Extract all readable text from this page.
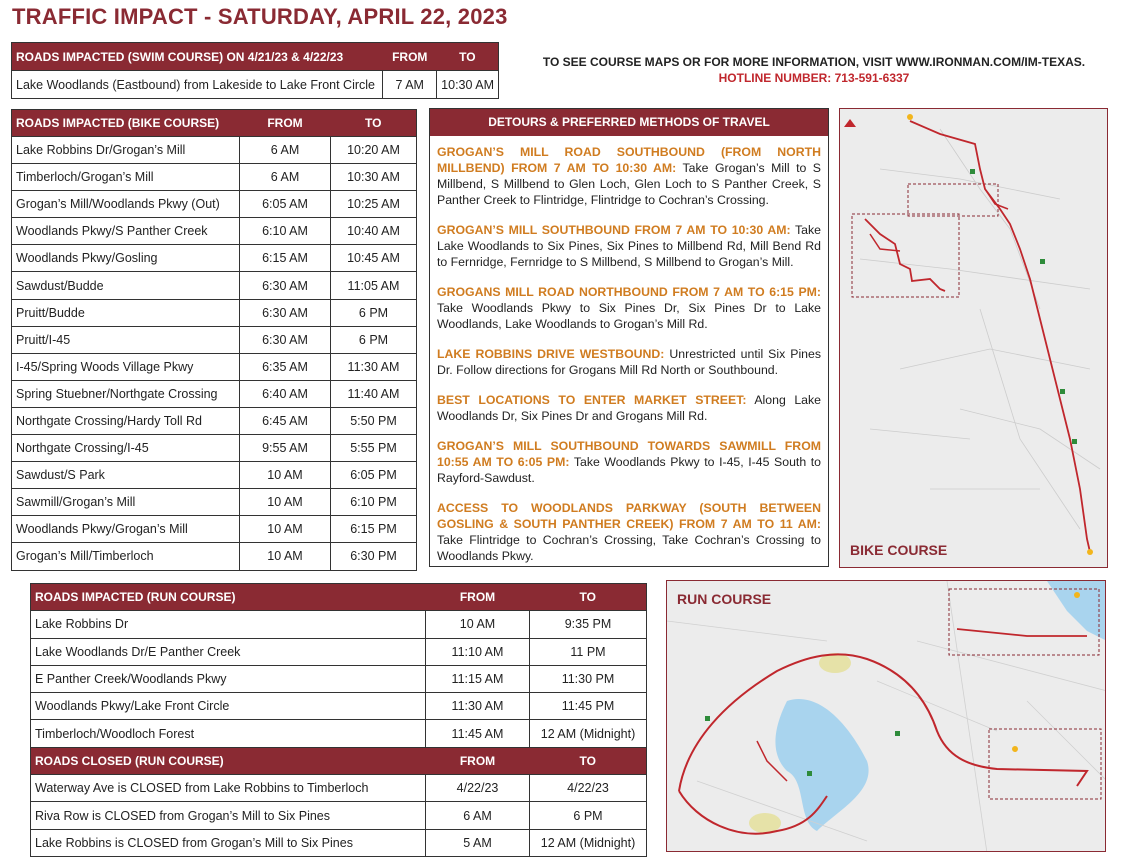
TRAFFIC IMPACT - SATURDAY, APRIL 22, 2023
ROADS IMPACTED (SWIM COURSE) ON 4/21/23 & 4/22/23	FROM	TO
Lake Woodlands (Eastbound) from Lakeside to Lake Front Circle	7 AM	10:30 AM
TO SEE COURSE MAPS OR FOR MORE INFORMATION, VISIT WWW.IRONMAN.COM/IM-TEXAS.
HOTLINE NUMBER: 713-591-6337
ROADS IMPACTED (BIKE COURSE)	FROM	TO
Lake Robbins Dr/Grogan’s Mill	6 AM	10:20 AM
Timberloch/Grogan’s Mill	6 AM	10:30 AM
Grogan’s Mill/Woodlands Pkwy (Out)	6:05 AM	10:25 AM
Woodlands Pkwy/S Panther Creek	6:10 AM	10:40 AM
Woodlands Pkwy/Gosling	6:15 AM	10:45 AM
Sawdust/Budde	6:30 AM	11:05 AM
Pruitt/Budde	6:30 AM	6 PM
Pruitt/I-45	6:30 AM	6 PM
I-45/Spring Woods Village Pkwy	6:35 AM	11:30 AM
Spring Stuebner/Northgate Crossing	6:40 AM	11:40 AM
Northgate Crossing/Hardy Toll Rd	6:45 AM	5:50 PM
Northgate Crossing/I-45	9:55 AM	5:55 PM
Sawdust/S Park	10 AM	6:05 PM
Sawmill/Grogan’s Mill	10 AM	6:10 PM
Woodlands Pkwy/Grogan’s Mill	10 AM	6:15 PM
Grogan’s Mill/Timberloch	10 AM	6:30 PM
DETOURS & PREFERRED METHODS OF TRAVEL

GROGAN’S MILL ROAD SOUTHBOUND (FROM NORTH MILLBEND) FROM 7 AM TO 10:30 AM: Take Grogan’s Mill to S Millbend, S Millbend to Glen Loch, Glen Loch to S Panther Creek, S Panther Creek to Flintridge, Flintridge to Cochran’s Crossing.

GROGAN’S MILL SOUTHBOUND FROM 7 AM TO 10:30 AM: Take Lake Woodlands to Six Pines, Six Pines to Millbend Rd, Mill Bend Rd to Fernridge, Fernridge to S Millbend, S Millbend to Grogan’s Mill.

GROGANS MILL ROAD NORTHBOUND FROM 7 AM TO 6:15 PM: Take Woodlands Pkwy to Six Pines Dr, Six Pines Dr to Lake Woodlands, Lake Woodlands to Grogan’s Mill Rd.

LAKE ROBBINS DRIVE WESTBOUND: Unrestricted until Six Pines Dr. Follow directions for Grogans Mill Rd North or Southbound.

BEST LOCATIONS TO ENTER MARKET STREET: Along Lake Woodlands Dr, Six Pines Dr and Grogans Mill Rd.

GROGAN’S MILL SOUTHBOUND TOWARDS SAWMILL FROM 10:55 AM TO 6:05 PM: Take Woodlands Pkwy to I-45, I-45 South to Rayford-Sawdust.

ACCESS TO WOODLANDS PARKWAY (SOUTH BETWEEN GOSLING & SOUTH PANTHER CREEK) FROM 7 AM TO 11 AM: Take Flintridge to Cochran’s Crossing, Take Cochran’s Crossing to Woodlands Pkwy.	BIKE COURSE
ROADS IMPACTED (RUN COURSE)	FROM	TO
Lake Robbins Dr	10 AM	9:35 PM
Lake Woodlands Dr/E Panther Creek	11:10 AM	11 PM
E Panther Creek/Woodlands Pkwy	11:15 AM	11:30 PM
Woodlands Pkwy/Lake Front Circle	11:30 AM	11:45 PM
Timberloch/Woodloch Forest	11:45 AM	12 AM (Midnight)
ROADS CLOSED (RUN COURSE)	FROM	TO
Waterway Ave is CLOSED from Lake Robbins to Timberloch	4/22/23	4/22/23
Riva Row is CLOSED from Grogan’s Mill to Six Pines	6 AM	6 PM
Lake Robbins is CLOSED from Grogan’s Mill to Six Pines	5 AM	12 AM (Midnight)
RUN COURSE
